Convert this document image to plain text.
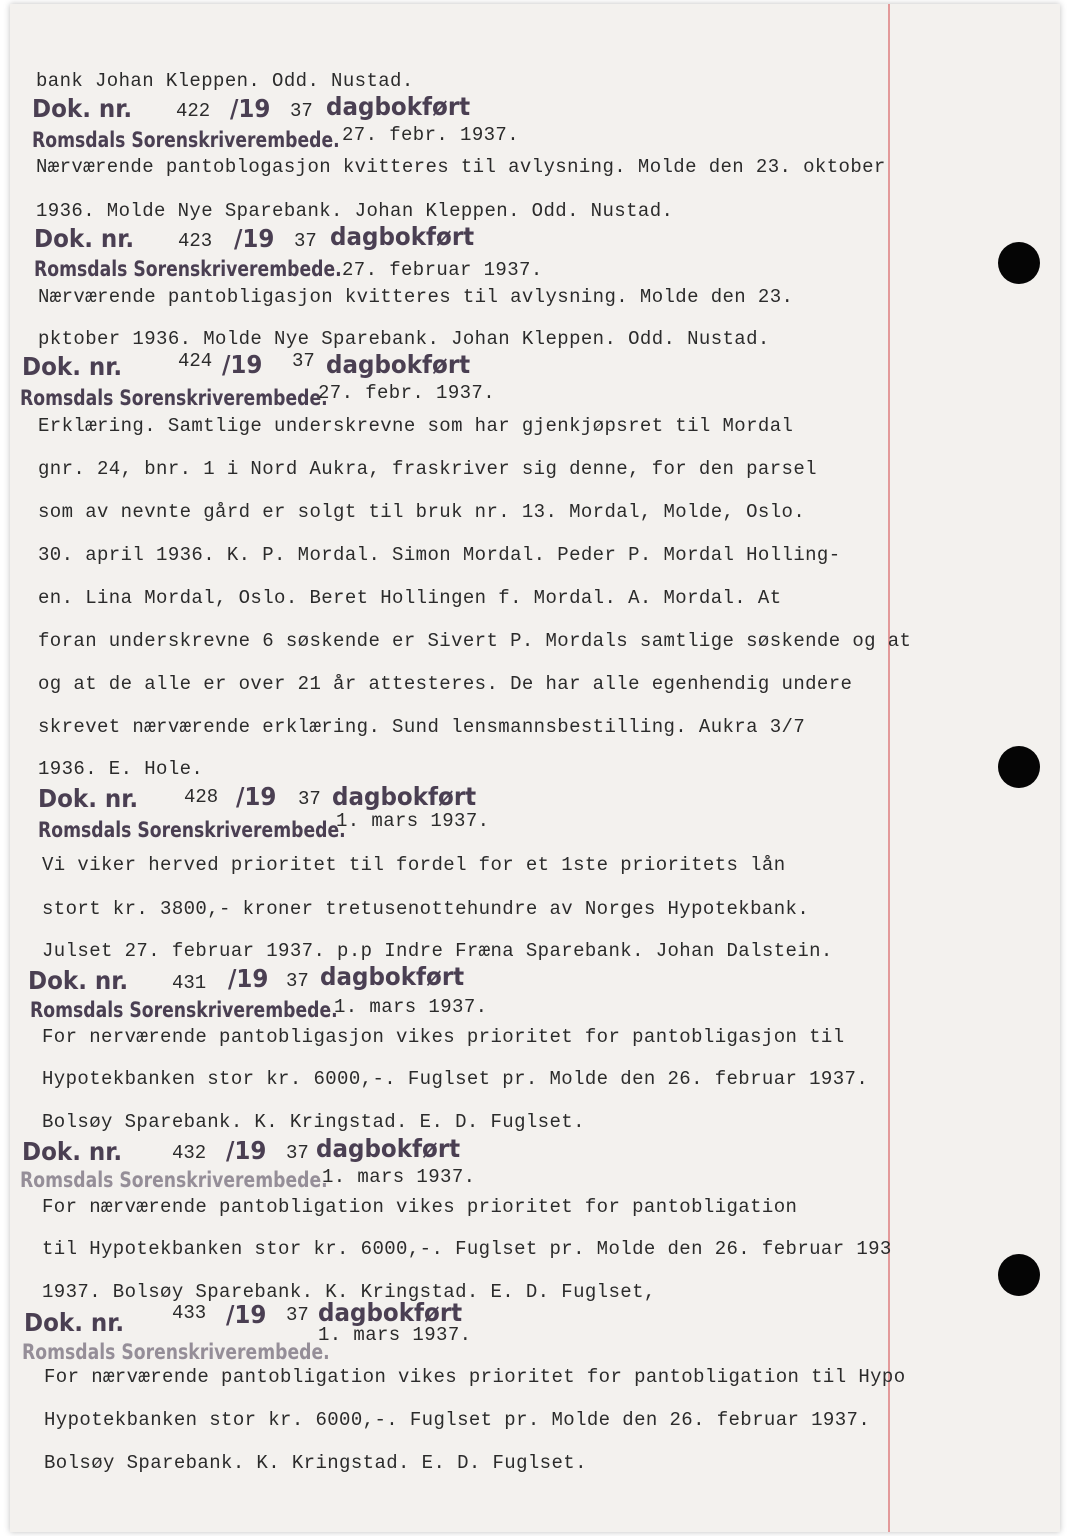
bank Johan Kleppen. Odd. Nustad.
Dok. nr. 422 /19 37 dagbokført
Romsdals Sorenskriverembede. 27. febr. 1937.
Nærværende pantoblogasjon kvitteres til avlysning. Molde den 23. oktober
1936. Molde Nye Sparebank. Johan Kleppen. Odd. Nustad.
Dok. nr. 423 /19 37 dagbokført
Romsdals Sorenskriverembede. 27. februar 1937.
Nærværende pantobligasjon kvitteres til avlysning. Molde den 23.
pktober 1936. Molde Nye Sparebank. Johan Kleppen. Odd. Nustad.
Dok. nr.	424 /19 37 dagbokført
Romsdals Sorenskriverembede.
27. febr. 1937.
Erklæring. Samtlige underskrevne som har gjenkjøpsret til Mordal
gnr. 24, bnr. 1 i Nord Aukra, fraskriver sig denne, for den parsel
som av nevnte gård er solgt til bruk nr. 13. Mordal, Molde, Oslo.
30. april 1936. K. P. Mordal. Simon Mordal. Peder P. Mordal Holling-
en. Lina Mordal, Oslo. Beret Hollingen f. Mordal. A. Mordal. At
foran underskrevne 6 søskende er Sivert P. Mordals samtlige søskende og at
og at de alle er over 21 år attesteres. De har alle egenhendig undere
skrevet nærværende erklæring. Sund lensmannsbestilling. Aukra 3/7
1936. E. Hole.
Dok. nr. 428 /19 37 dagbokført
Romsdals Sorenskriverembede.
1. mars 1937.
Vi viker herved prioritet til fordel for et 1ste prioritets lån
stort kr. 3800,- kroner tretusenottehundre av Norges Hypotekbank.
Julset 27. februar 1937. p.p Indre Fræna Sparebank. Johan Dalstein.
Dok. nr. 431 /19 37 dagbokført
Romsdals Sorenskriverembede.
1. mars 1937.
For nerværende pantobligasjon vikes prioritet for pantobligasjon til
Hypotekbanken stor kr. 6000,-. Fuglset pr. Molde den 26. februar 1937.
Bolsøy Sparebank. K. Kringstad. E. D. Fuglset.
Dok. nr.	432 /19 37 dagbokført
Romsdals Sorenskriverembede.
1. mars 1937.
For nærværende pantobligation vikes prioritet for pantobligation
til Hypotekbanken stor kr. 6000,-. Fuglset pr. Molde den 26. februar 193
1937. Bolsøy Sparebank. K. Kringstad. E. D. Fuglset,
Dok. nr.	433 /19 37 dagbokført
Romsdals Sorenskriverembede.
1. mars 1937.
For nærværende pantobligation vikes prioritet for pantobligation til Hypo
Hypotekbanken stor kr. 6000,-. Fuglset pr. Molde den 26. februar 1937.
Bolsøy Sparebank. K. Kringstad. E. D. Fuglset.
